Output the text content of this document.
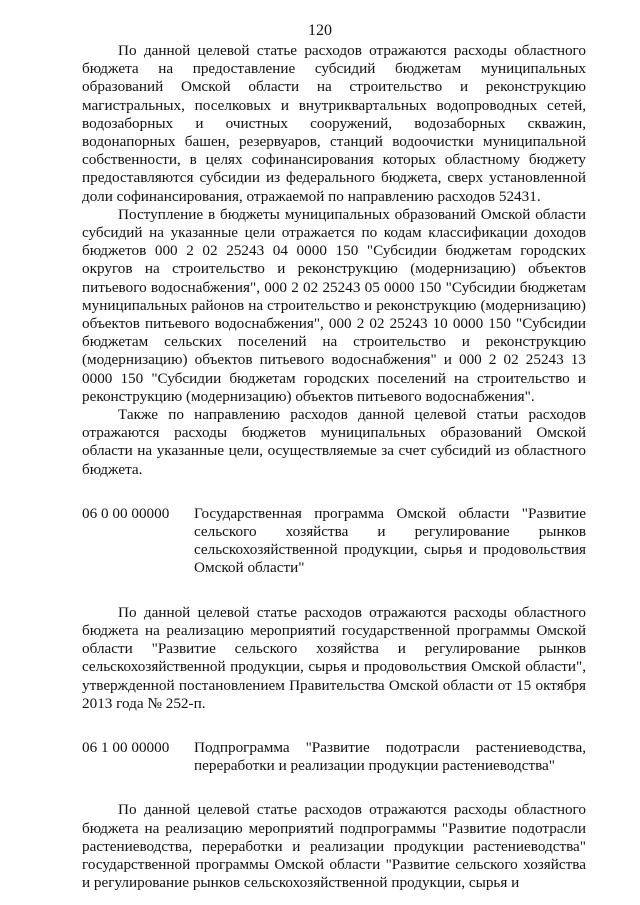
120

По данной целевой статье расходов отражаются расходы областного бюджета на предоставление субсидий бюджетам муниципальных образований Омской области на строительство и реконструкцию магистральных, поселковых и внутриквартальных водопроводных сетей, водозаборных и очистных сооружений, водозаборных скважин, водонапорных башен, резервуаров, станций водоочистки муниципальной собственности, в целях софинансирования которых областному бюджету предоставляются субсидии из федерального бюджета, сверх установленной доли софинансирования, отражаемой по направлению расходов 52431.

Поступление в бюджеты муниципальных образований Омской области субсидий на указанные цели отражается по кодам классификации доходов бюджетов 000 2 02 25243 04 0000 150 "Субсидии бюджетам городских округов на строительство и реконструкцию (модернизацию) объектов питьевого водоснабжения", 000 2 02 25243 05 0000 150 "Субсидии бюджетам муниципальных районов на строительство и реконструкцию (модернизацию) объектов питьевого водоснабжения", 000 2 02 25243 10 0000 150 "Субсидии бюджетам сельских поселений на строительство и реконструкцию (модернизацию) объектов питьевого водоснабжения" и 000 2 02 25243 13 0000 150 "Субсидии бюджетам городских поселений на строительство и реконструкцию (модернизацию) объектов питьевого водоснабжения".

Также по направлению расходов данной целевой статьи расходов отражаются расходы бюджетов муниципальных образований Омской области на указанные цели, осуществляемые за счет субсидий из областного бюджета.

06 0 00 00000	Государственная программа Омской области "Развитие сельского хозяйства и регулирование рынков сельскохозяйственной продукции, сырья и продовольствия Омской области"

По данной целевой статье расходов отражаются расходы областного бюджета на реализацию мероприятий государственной программы Омской области "Развитие сельского хозяйства и регулирование рынков сельскохозяйственной продукции, сырья и продовольствия Омской области", утвержденной постановлением Правительства Омской области от 15 октября 2013 года № 252-п.

06 1 00 00000	Подпрограмма "Развитие подотрасли растениеводства, переработки и реализации продукции растениеводства"

По данной целевой статье расходов отражаются расходы областного бюджета на реализацию мероприятий подпрограммы "Развитие подотрасли растениеводства, переработки и реализации продукции растениеводства" государственной программы Омской области "Развитие сельского хозяйства и регулирование рынков сельскохозяйственной продукции, сырья и
